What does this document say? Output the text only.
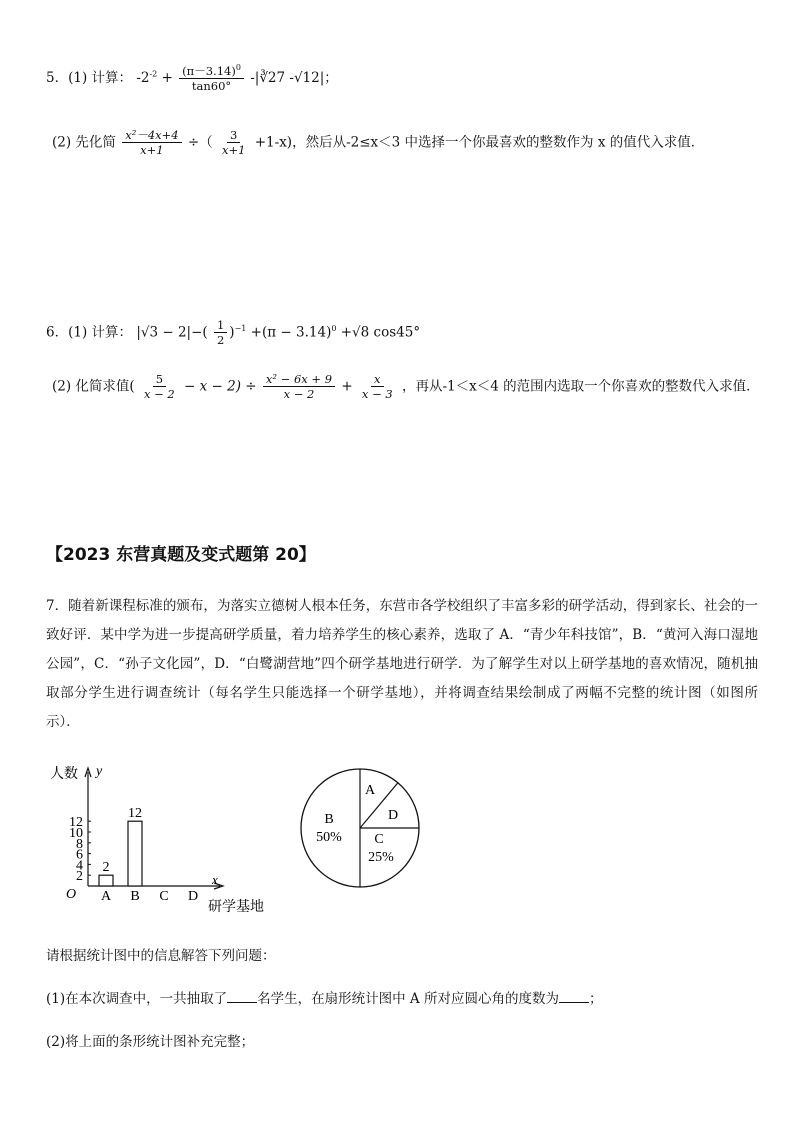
5．(1) 计算： $-2^{-2} + \frac{(\pi-3.14)^0}{\tan 60^\circ}$ -|∛27 -√12|；
(2) 先化简 $\frac{\text{x²－4x+4}}{x+1}$ ÷（ $\frac{3}{x+1} +1-x$)，然后从-2≤x＜3 中选择一个你最喜欢的整数作为 x 的值代入求值．
6．(1) 计算： $|√3 - 2|-( \frac{1}{2} )^{-1} +(\pi - 3.14)^0 +√8$ cos45°
(2) 化简求值( $\frac{5}{x - 2} - x - 2) \div \frac{\text{x² − 6x + 9}}{x - 2} + \frac{x}{x - 3}$ ，再从-1＜x＜4 的范围内选取一个你喜欢的整数代入求值．
【2023 东营真题及变式题第 20】
7．随着新课程标准的颁布，为落实立德树人根本任务，东营市各学校组织了丰富多彩的研学活动，得到家长、社会的一致好评．某中学为进一步提高研学质量，着力培养学生的核心素养，选取了 A．“青少年科技馆”，B．“黄河入海口湿地公园”，C．“孙子文化园”，D．“白鹭湖营地”四个研学基地进行研学．为了解学生对以上研学基地的喜欢情况，随机抽取部分学生进行调查统计（每名学生只能选择一个研学基地），并将调查结果绘制成了两幅不完整的统计图（如图所示）．
人数 y
O
x
研学基地
2
4
6
8
10
12
A
2
B
12
C D
B
50% C
25%
D
A
请根据统计图中的信息解答下列问题：
(1)在本次调查中，一共抽取了 名学生，在扇形统计图中 A 所对应圆心角的度数为 ；
(2)将上面的条形统计图补充完整；
